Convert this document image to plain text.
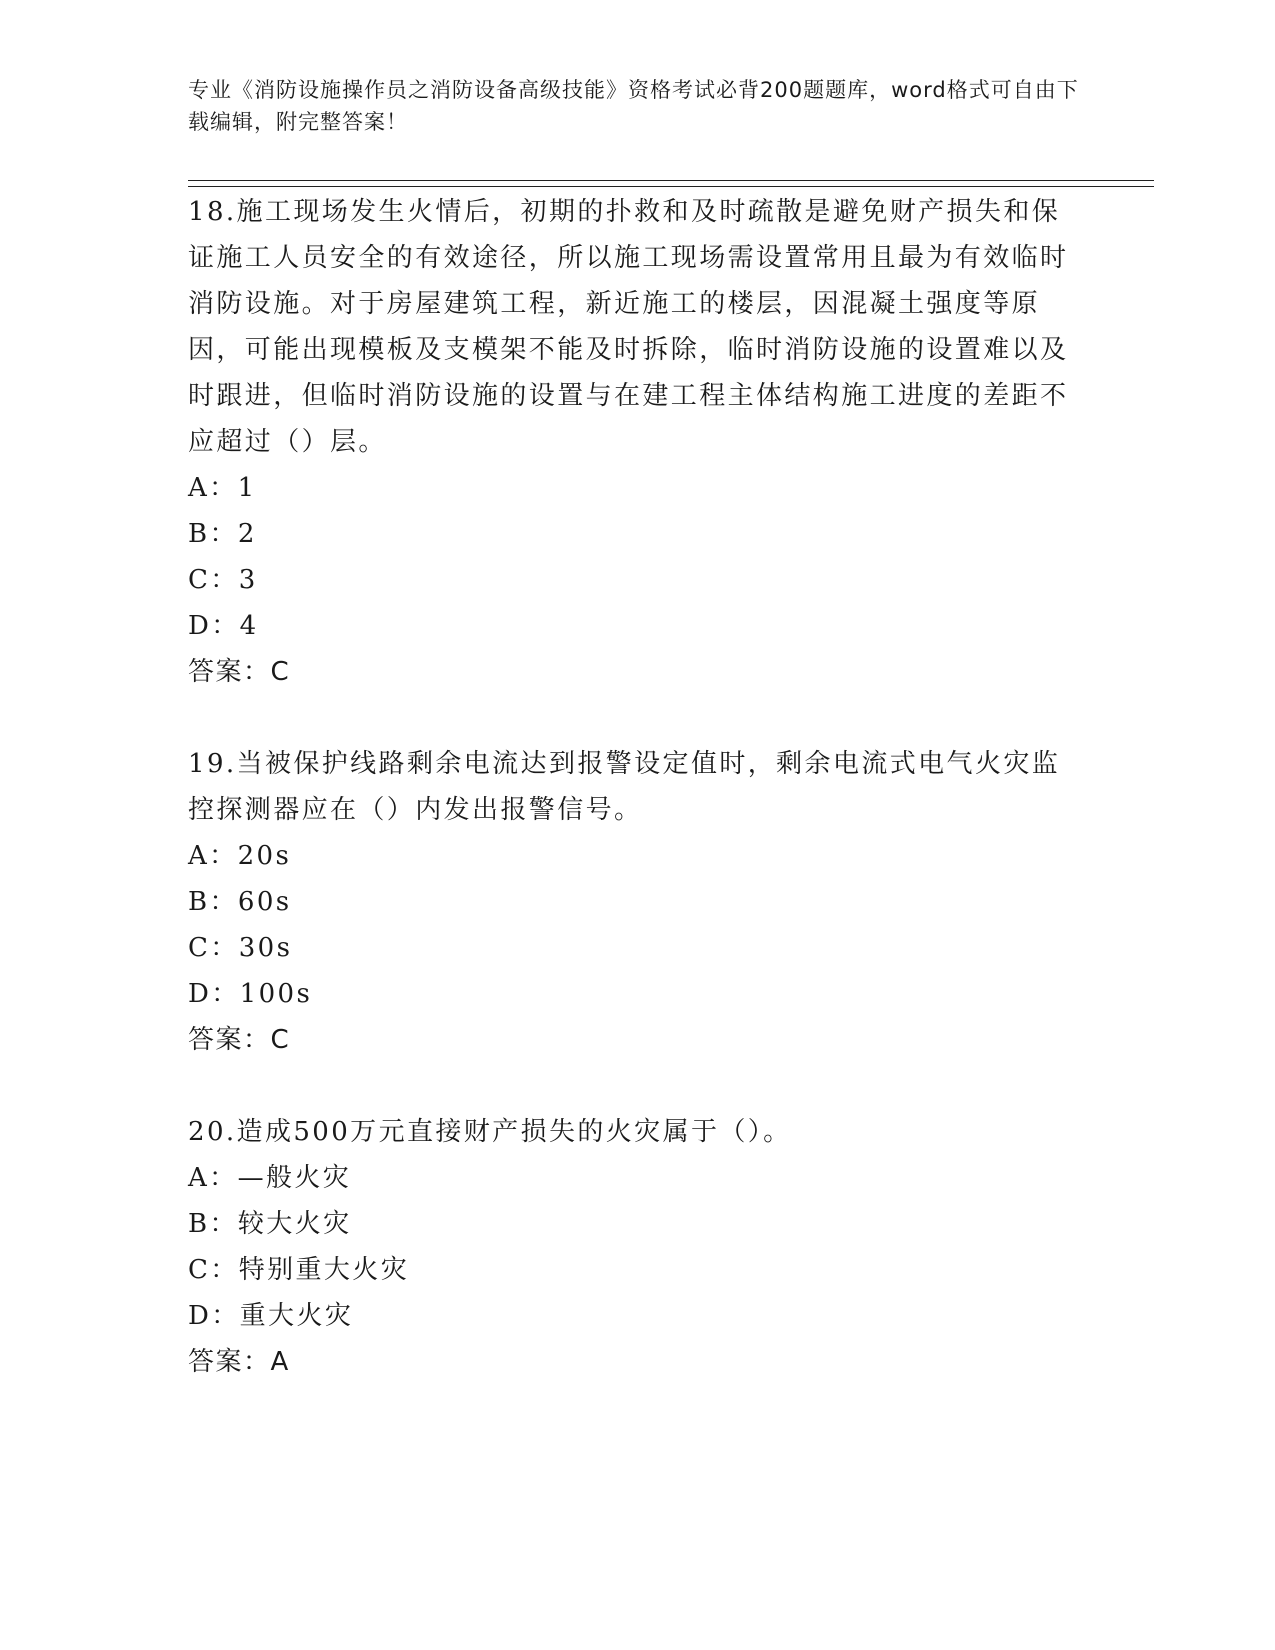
专业《消防设施操作员之消防设备高级技能》资格考试必背200题题库，word格式可自由下载编辑，附完整答案！

18.施工现场发生火情后，初期的扑救和及时疏散是避免财产损失和保证施工人员安全的有效途径，所以施工现场需设置常用且最为有效临时消防设施。对于房屋建筑工程，新近施工的楼层，因混凝土强度等原因，可能出现模板及支模架不能及时拆除，临时消防设施的设置难以及时跟进，但临时消防设施的设置与在建工程主体结构施工进度的差距不应超过（）层。

A：1

B：2

C：3

D：4

答案：C

19.当被保护线路剩余电流达到报警设定值时，剩余电流式电气火灾监控探测器应在（）内发出报警信号。

A：20s

B：60s

C：30s

D：100s

答案：C

20.造成500万元直接财产损失的火灾属于（）。

A：—般火灾

B：较大火灾

C：特别重大火灾

D：重大火灾

答案：A
